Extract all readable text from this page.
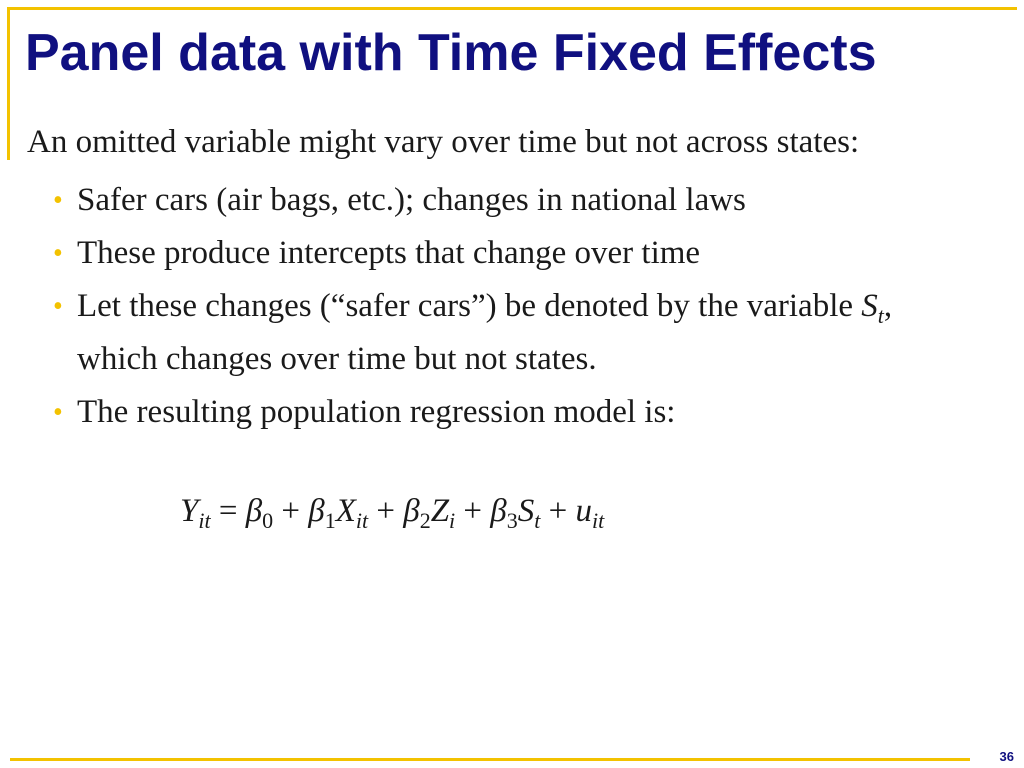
Panel data with Time Fixed Effects

An omitted variable might vary over time but not across states:

• Safer cars (air bags, etc.); changes in national laws
• These produce intercepts that change over time
• Let these changes (“safer cars”) be denoted by the variable $S_t$,
which changes over time but not states.
• The resulting population regression model is:

$Y_{it} = \beta_0 + \beta_1X_{it} + \beta_2Z_i + \beta_3S_t + u_{it}$

36
